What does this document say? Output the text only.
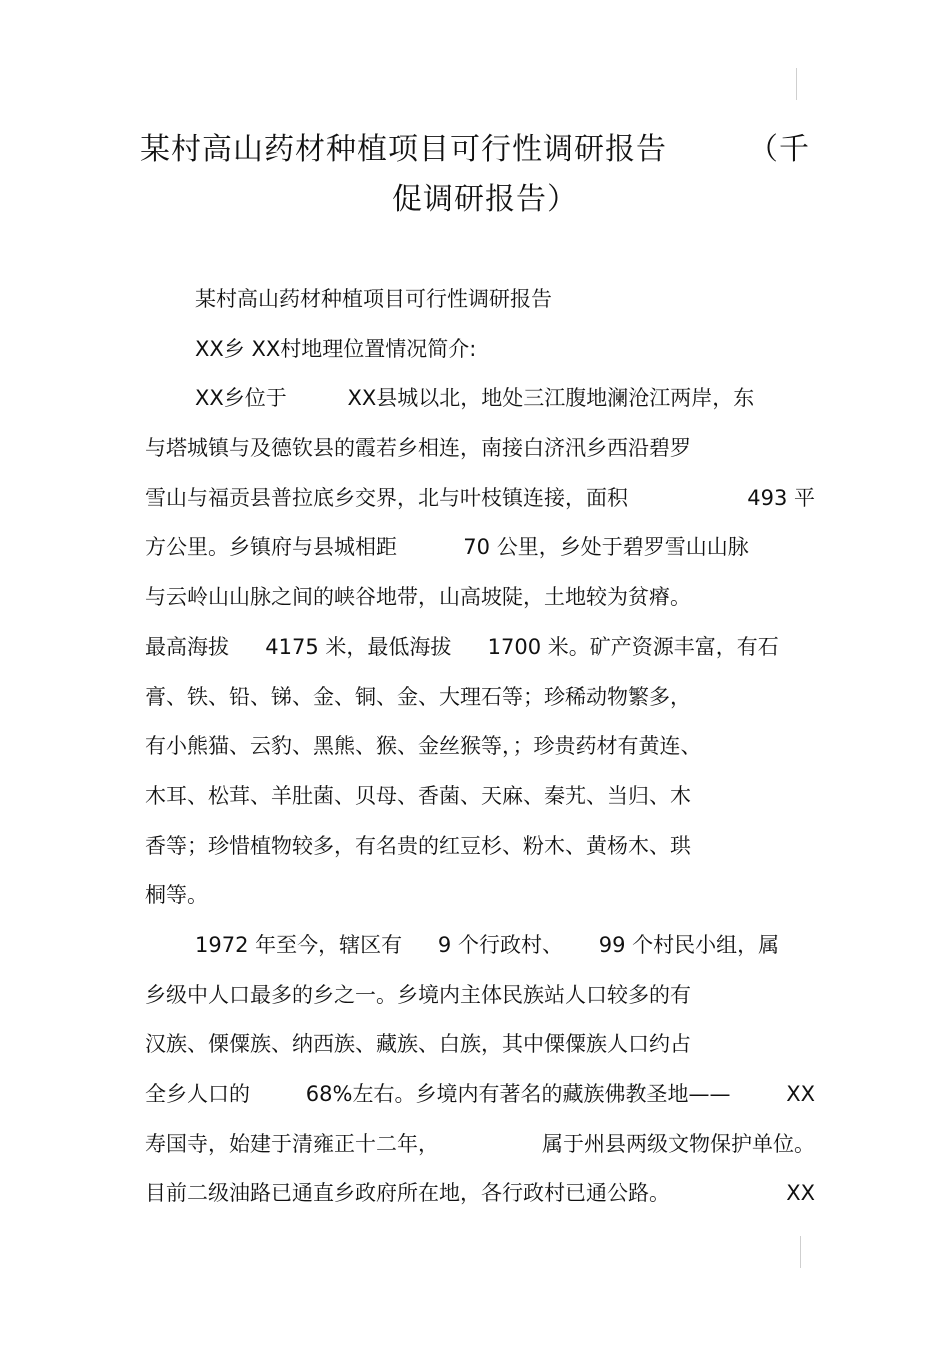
某村高山药材种植项目可行性调研报告	（千
促调研报告）
某村高山药材种植项目可行性调研报告
XX乡 XX村地理位置情况简介:
XX乡位于	XX县城以北，地处三江腹地澜沧江两岸，东
与塔城镇与及德钦县的霞若乡相连，南接白济汛乡西沿碧罗
雪山与福贡县普拉底乡交界，北与叶枝镇连接，面积	493 平
方公里。乡镇府与县城相距	70 公里，乡处于碧罗雪山山脉
与云岭山山脉之间的峡谷地带，山高坡陡，土地较为贫瘠。
最高海拔 4175 米，最低海拔 1700 米。矿产资源丰富，有石
膏、铁、铅、锑、金、铜、金、大理石等；珍稀动物繁多，
有小熊猫、云豹、黑熊、猴、金丝猴等，；珍贵药材有黄连、
木耳、松茸、羊肚菌、贝母、香菌、天麻、秦艽、当归、木
香等；珍惜植物较多，有名贵的红豆杉、粉木、黄杨木、珙
桐等。
1972 年至今，辖区有 9 个行政村、 99 个村民小组，属
乡级中人口最多的乡之一。乡境内主体民族站人口较多的有
汉族、傈僳族、纳西族、藏族、白族，其中傈僳族人口约占
全乡人口的	68%左右。乡境内有著名的藏族佛教圣地——	XX
寿国寺，始建于清雍正十二年，	属于州县两级文物保护单位。
目前二级油路已通直乡政府所在地，各行政村已通公路。	XX
